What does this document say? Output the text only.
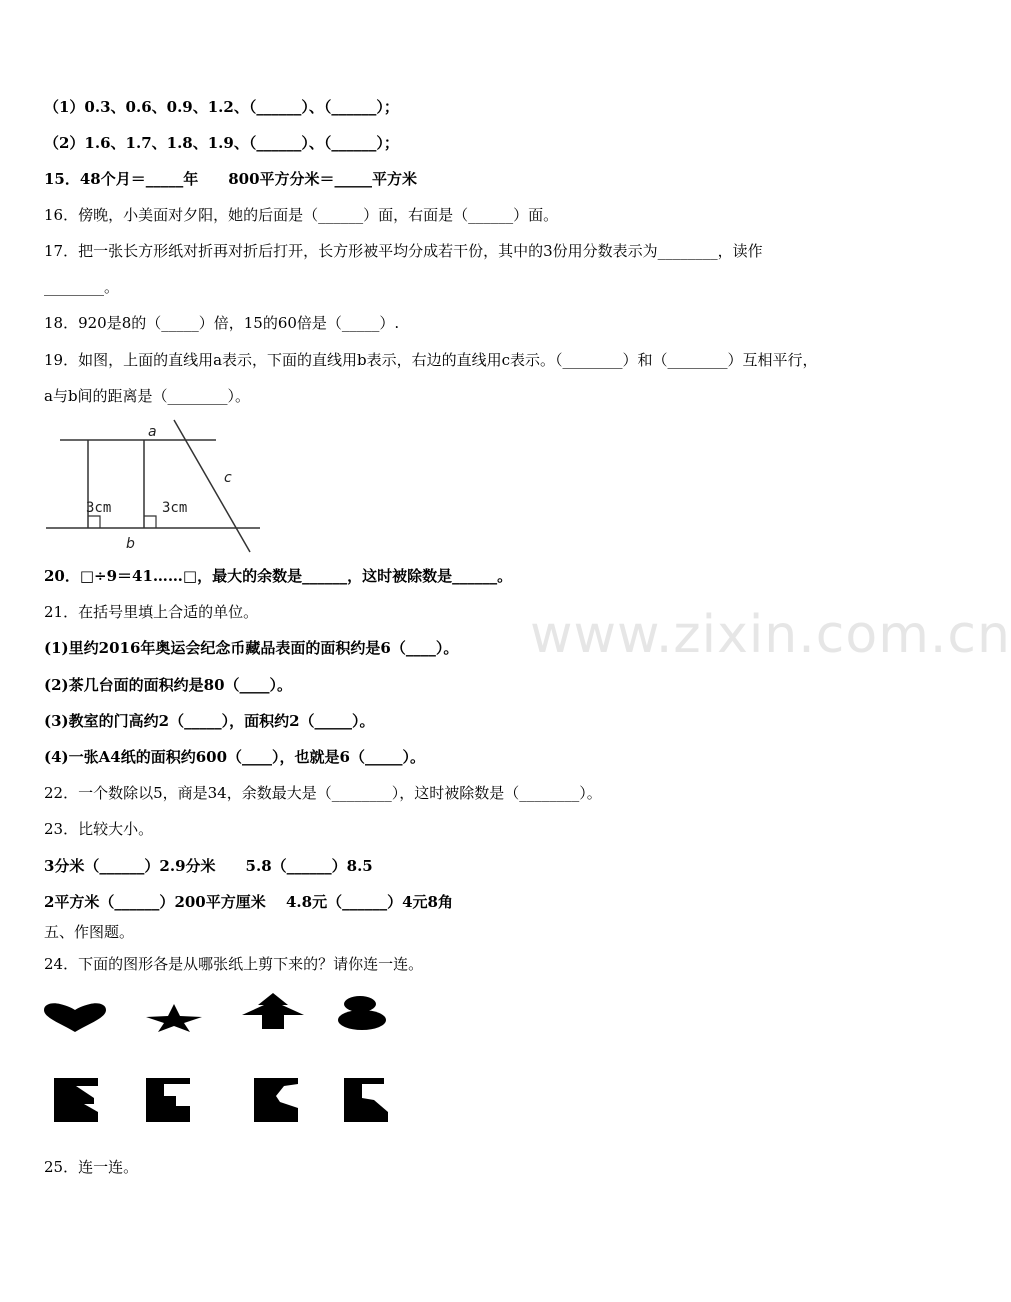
www.zixin.com.cn
（1）0.3、0.6、0.9、1.2、（______）、（______）；
（2）1.6、1.7、1.8、1.9、（______）、（______）；
15．48个月＝_____年　　800平方分米＝_____平方米
16．傍晚，小美面对夕阳，她的后面是（______）面，右面是（______）面。
17．把一张长方形纸对折再对折后打开，长方形被平均分成若干份，其中的3份用分数表示为________，读作
________。
18．920是8的（_____）倍，15的60倍是（_____）.
19．如图，上面的直线用a表示，下面的直线用b表示，右边的直线用c表示。（________）和（________）互相平行，
a与b间的距离是（________）。
a
b
c
3cm	3cm
20．□÷9＝41……□，最大的余数是______，这时被除数是______。
21．在括号里填上合适的单位。
(1)里约2016年奥运会纪念币藏品表面的面积约是6（____）。
(2)茶几台面的面积约是80（____）。
(3)教室的门高约2（_____），面积约2（_____）。
(4)一张A4纸的面积约600（____），也就是6（_____）。
22．一个数除以5，商是34，余数最大是（________），这时被除数是（________）。
23．比较大小。
3分米（______）2.9分米　　5.8（______）8.5
2平方米（______）200平方厘米　 4.8元（______）4元8角
五、作图题。
24．下面的图形各是从哪张纸上剪下来的？请你连一连。
25．连一连。
